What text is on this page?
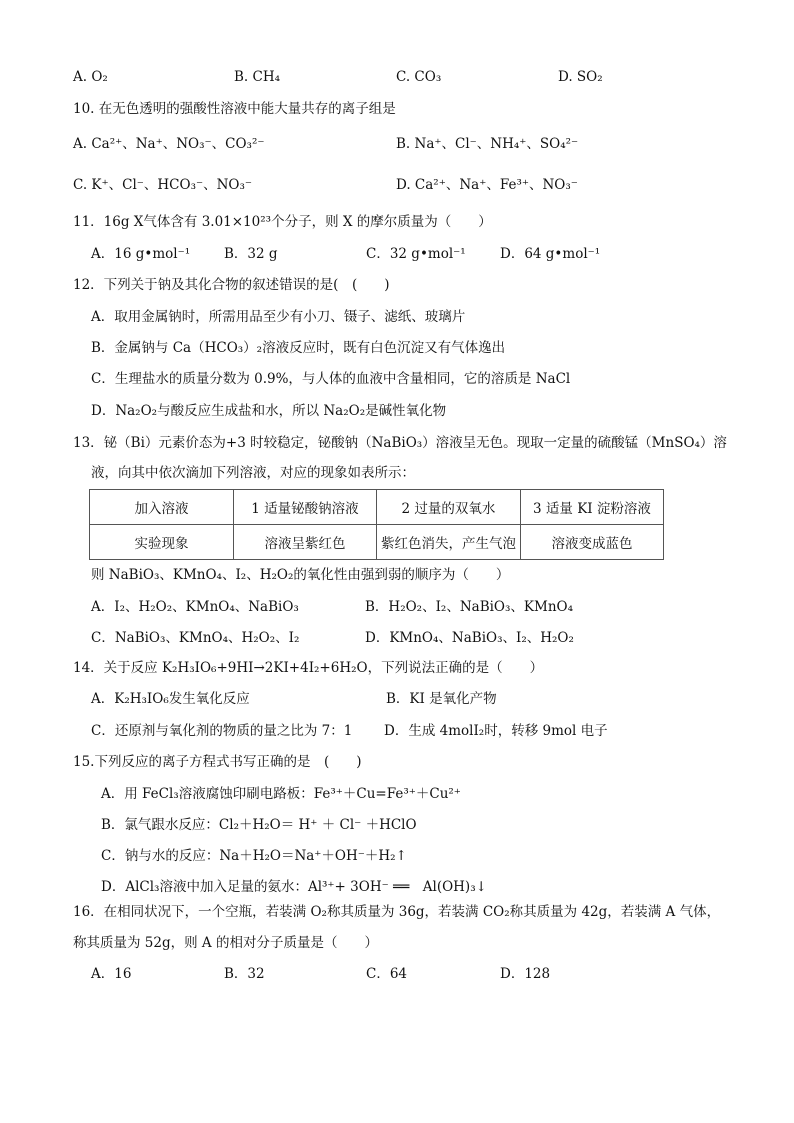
A. O₂	B. CH₄	C. CO₃	D. SO₂
10. 在无色透明的强酸性溶液中能大量共存的离子组是
A. Ca²⁺、Na⁺、NO₃⁻、CO₃²⁻	B. Na⁺、Cl⁻、NH₄⁺、SO₄²⁻
C. K⁺、Cl⁻、HCO₃⁻、NO₃⁻	D. Ca²⁺、Na⁺、Fe³⁺、NO₃⁻
11．16g X气体含有 3.01×10²³个分子，则 X 的摩尔质量为（　　）
A．16 g•mol⁻¹	B．32 g	C．32 g•mol⁻¹	D．64 g•mol⁻¹
12．下列关于钠及其化合物的叙述错误的是(　(　　)
A．取用金属钠时，所需用品至少有小刀、镊子、滤纸、玻璃片
B．金属钠与 Ca（HCO₃）₂溶液反应时，既有白色沉淀又有气体逸出
C．生理盐水的质量分数为 0.9%，与人体的血液中含量相同，它的溶质是 NaCl
D．Na₂O₂与酸反应生成盐和水，所以 Na₂O₂是碱性氧化物
13．铋（Bi）元素价态为+3 时较稳定，铋酸钠（NaBiO₃）溶液呈无色。现取一定量的硫酸锰（MnSO₄）溶
液，向其中依次滴加下列溶液，对应的现象如表所示：
加入溶液	1 适量铋酸钠溶液	2 过量的双氧水	3 适量 KI 淀粉溶液
实验现象	溶液呈紫红色	紫红色消失，产生气泡	溶液变成蓝色
则 NaBiO₃、KMnO₄、I₂、H₂O₂的氧化性由强到弱的顺序为（　　）
A．I₂、H₂O₂、KMnO₄、NaBiO₃	B．H₂O₂、I₂、NaBiO₃、KMnO₄
C．NaBiO₃、KMnO₄、H₂O₂、I₂	D．KMnO₄、NaBiO₃、I₂、H₂O₂
14．关于反应 K₂H₃IO₆+9HI→2KI+4I₂+6H₂O，下列说法正确的是（　　）
A．K₂H₃IO₆发生氧化反应	B．KI 是氧化产物
C．还原剂与氧化剂的物质的量之比为 7：1 D．生成 4molI₂时，转移 9mol 电子
15.下列反应的离子方程式书写正确的是　(　　)
A．用 FeCl₃溶液腐蚀印刷电路板：Fe³⁺＋Cu=Fe³⁺＋Cu²⁺
B．氯气跟水反应：Cl₂＋H₂O＝ H⁺ ＋ Cl⁻ ＋HClO
C．钠与水的反应：Na＋H₂O＝Na⁺＋OH⁻＋H₂↑
D．AlCl₃溶液中加入足量的氨水：Al³⁺+ 3OH⁻ ══　Al(OH)₃↓
16．在相同状况下，一个空瓶，若装满 O₂称其质量为 36g，若装满 CO₂称其质量为 42g，若装满 A 气体，
称其质量为 52g，则 A 的相对分子质量是（　　）
A．16	B．32	C．64	D．128
